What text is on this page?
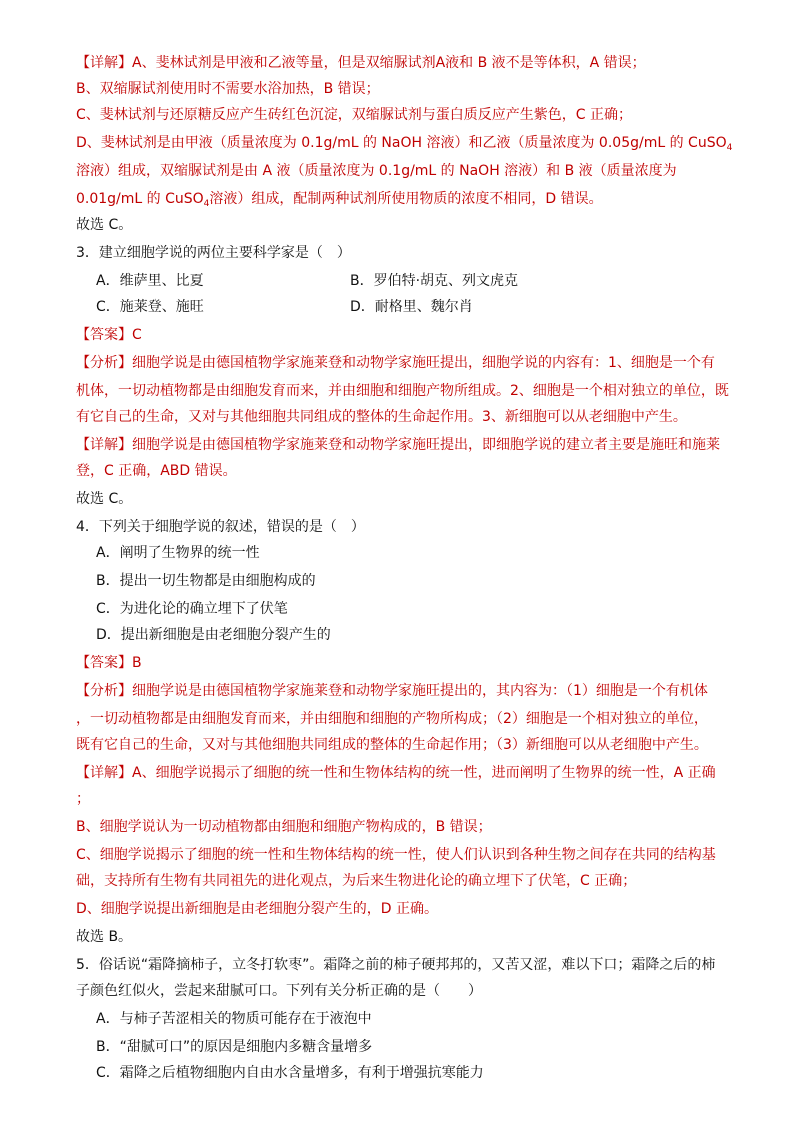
【详解】A、斐林试剂是甲液和乙液等量，但是双缩脲试剂A液和 B 液不是等体积，A 错误；
B、双缩脲试剂使用时不需要水浴加热，B 错误；
C、斐林试剂与还原糖反应产生砖红色沉淀，双缩脲试剂与蛋白质反应产生紫色，C 正确；
D、斐林试剂是由甲液（质量浓度为 0.1g/mL 的 NaOH 溶液）和乙液（质量浓度为 0.05g/mL 的 CuSO$_4$
溶液）组成，双缩脲试剂是由 A 液（质量浓度为 0.1g/mL 的 NaOH 溶液）和 B 液（质量浓度为
0.01g/mL 的 CuSO$_4$溶液）组成，配制两种试剂所使用物质的浓度不相同，D 错误。
故选 C。
3．建立细胞学说的两位主要科学家是（　）
A．维萨里、比夏	B．罗伯特·胡克、列文虎克
C．施莱登、施旺	D．耐格里、魏尔肖
【答案】C
【分析】细胞学说是由德国植物学家施莱登和动物学家施旺提出，细胞学说的内容有：1、细胞是一个有
机体，一切动植物都是由细胞发育而来，并由细胞和细胞产物所组成。2、细胞是一个相对独立的单位，既
有它自己的生命，又对与其他细胞共同组成的整体的生命起作用。3、新细胞可以从老细胞中产生。
【详解】细胞学说是由德国植物学家施莱登和动物学家施旺提出，即细胞学说的建立者主要是施旺和施莱
登，C 正确，ABD 错误。
故选 C。
4．下列关于细胞学说的叙述，错误的是（　）
A．阐明了生物界的统一性
B．提出一切生物都是由细胞构成的
C．为进化论的确立埋下了伏笔
D．提出新细胞是由老细胞分裂产生的
【答案】B
【分析】细胞学说是由德国植物学家施莱登和动物学家施旺提出的，其内容为：（1）细胞是一个有机体
，一切动植物都是由细胞发育而来，并由细胞和细胞的产物所构成；（2）细胞是一个相对独立的单位，
既有它自己的生命，又对与其他细胞共同组成的整体的生命起作用；（3）新细胞可以从老细胞中产生。
【详解】A、细胞学说揭示了细胞的统一性和生物体结构的统一性，进而阐明了生物界的统一性，A 正确
；
B、细胞学说认为一切动植物都由细胞和细胞产物构成的，B 错误；
C、细胞学说揭示了细胞的统一性和生物体结构的统一性，使人们认识到各种生物之间存在共同的结构基
础，支持所有生物有共同祖先的进化观点，为后来生物进化论的确立埋下了伏笔，C 正确；
D、细胞学说提出新细胞是由老细胞分裂产生的，D 正确。
故选 B。
5．俗话说“霜降摘柿子，立冬打软枣”。霜降之前的柿子硬邦邦的，又苦又涩，难以下口；霜降之后的柿
子颜色红似火，尝起来甜腻可口。下列有关分析正确的是（　　）
A．与柿子苦涩相关的物质可能存在于液泡中
B．“甜腻可口”的原因是细胞内多糖含量增多
C．霜降之后植物细胞内自由水含量增多，有利于增强抗寒能力
